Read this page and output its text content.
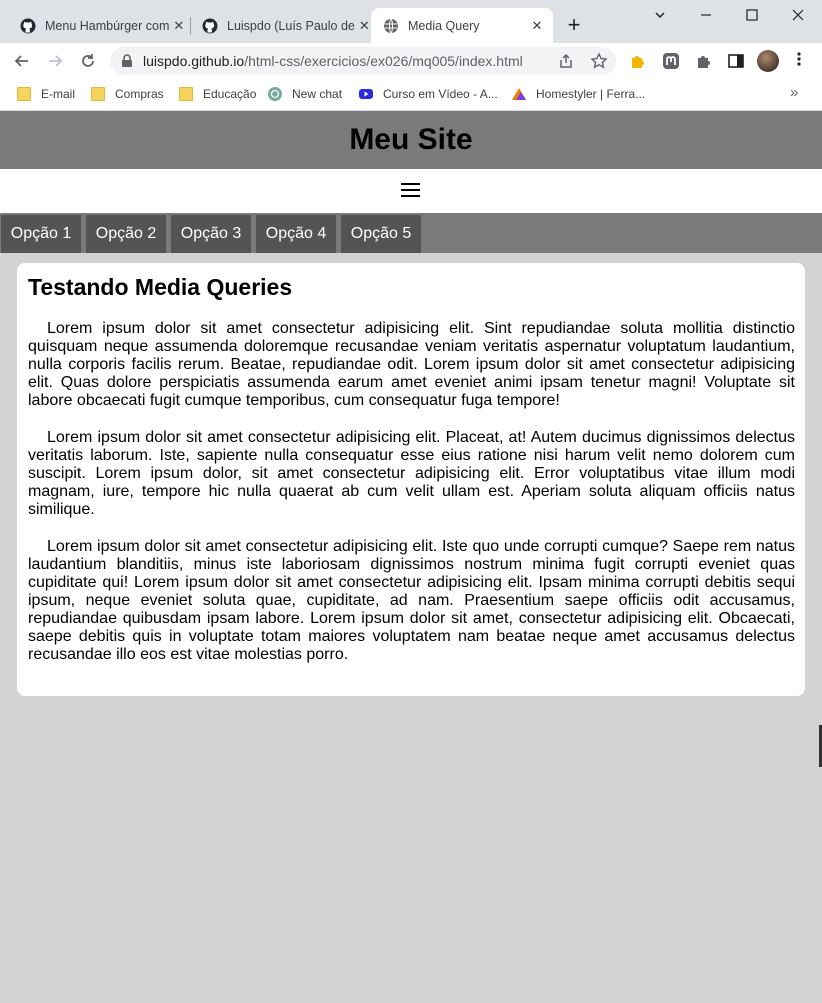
Menu Hambúrger com ✕	Luispdo (Luís Paulo de ✕	Media Query	✕ +
luispdo.github.io/html-css/exercicios/ex026/mq005/index.html
E-mail	Compras	Educação	New chat	Curso em Vídeo - A...	Homestyler | Ferra...	»
Meu Site
Opção 1	Opção 2	Opção 3	Opção 4	Opção 5
Testando Media Queries

Lorem ipsum dolor sit amet consectetur adipisicing elit. Sint repudiandae soluta mollitia distinctio quisquam neque assumenda doloremque recusandae veniam veritatis aspernatur voluptatum laudantium, nulla corporis facilis rerum. Beatae, repudiandae odit. Lorem ipsum dolor sit amet consectetur adipisicing elit. Quas dolore perspiciatis assumenda earum amet eveniet animi ipsam tenetur magni! Voluptate sit labore obcaecati fugit cumque temporibus, cum consequatur fuga tempore!

Lorem ipsum dolor sit amet consectetur adipisicing elit. Placeat, at! Autem ducimus dignissimos delectus veritatis laborum. Iste, sapiente nulla consequatur esse eius ratione nisi harum velit nemo dolorem cum suscipit. Lorem ipsum dolor, sit amet consectetur adipisicing elit. Error voluptatibus vitae illum modi magnam, iure, tempore hic nulla quaerat ab cum velit ullam est. Aperiam soluta aliquam officiis natus similique.

Lorem ipsum dolor sit amet consectetur adipisicing elit. Iste quo unde corrupti cumque? Saepe rem natus laudantium blanditiis, minus iste laboriosam dignissimos nostrum minima fugit corrupti eveniet quas cupiditate qui! Lorem ipsum dolor sit amet consectetur adipisicing elit. Ipsam minima corrupti debitis sequi ipsum, neque eveniet soluta quae, cupiditate, ad nam. Praesentium saepe officiis odit accusamus, repudiandae quibusdam ipsam labore. Lorem ipsum dolor sit amet, consectetur adipisicing elit. Obcaecati, saepe debitis quis in voluptate totam maiores voluptatem nam beatae neque amet accusamus delectus recusandae illo eos est vitae molestias porro.
